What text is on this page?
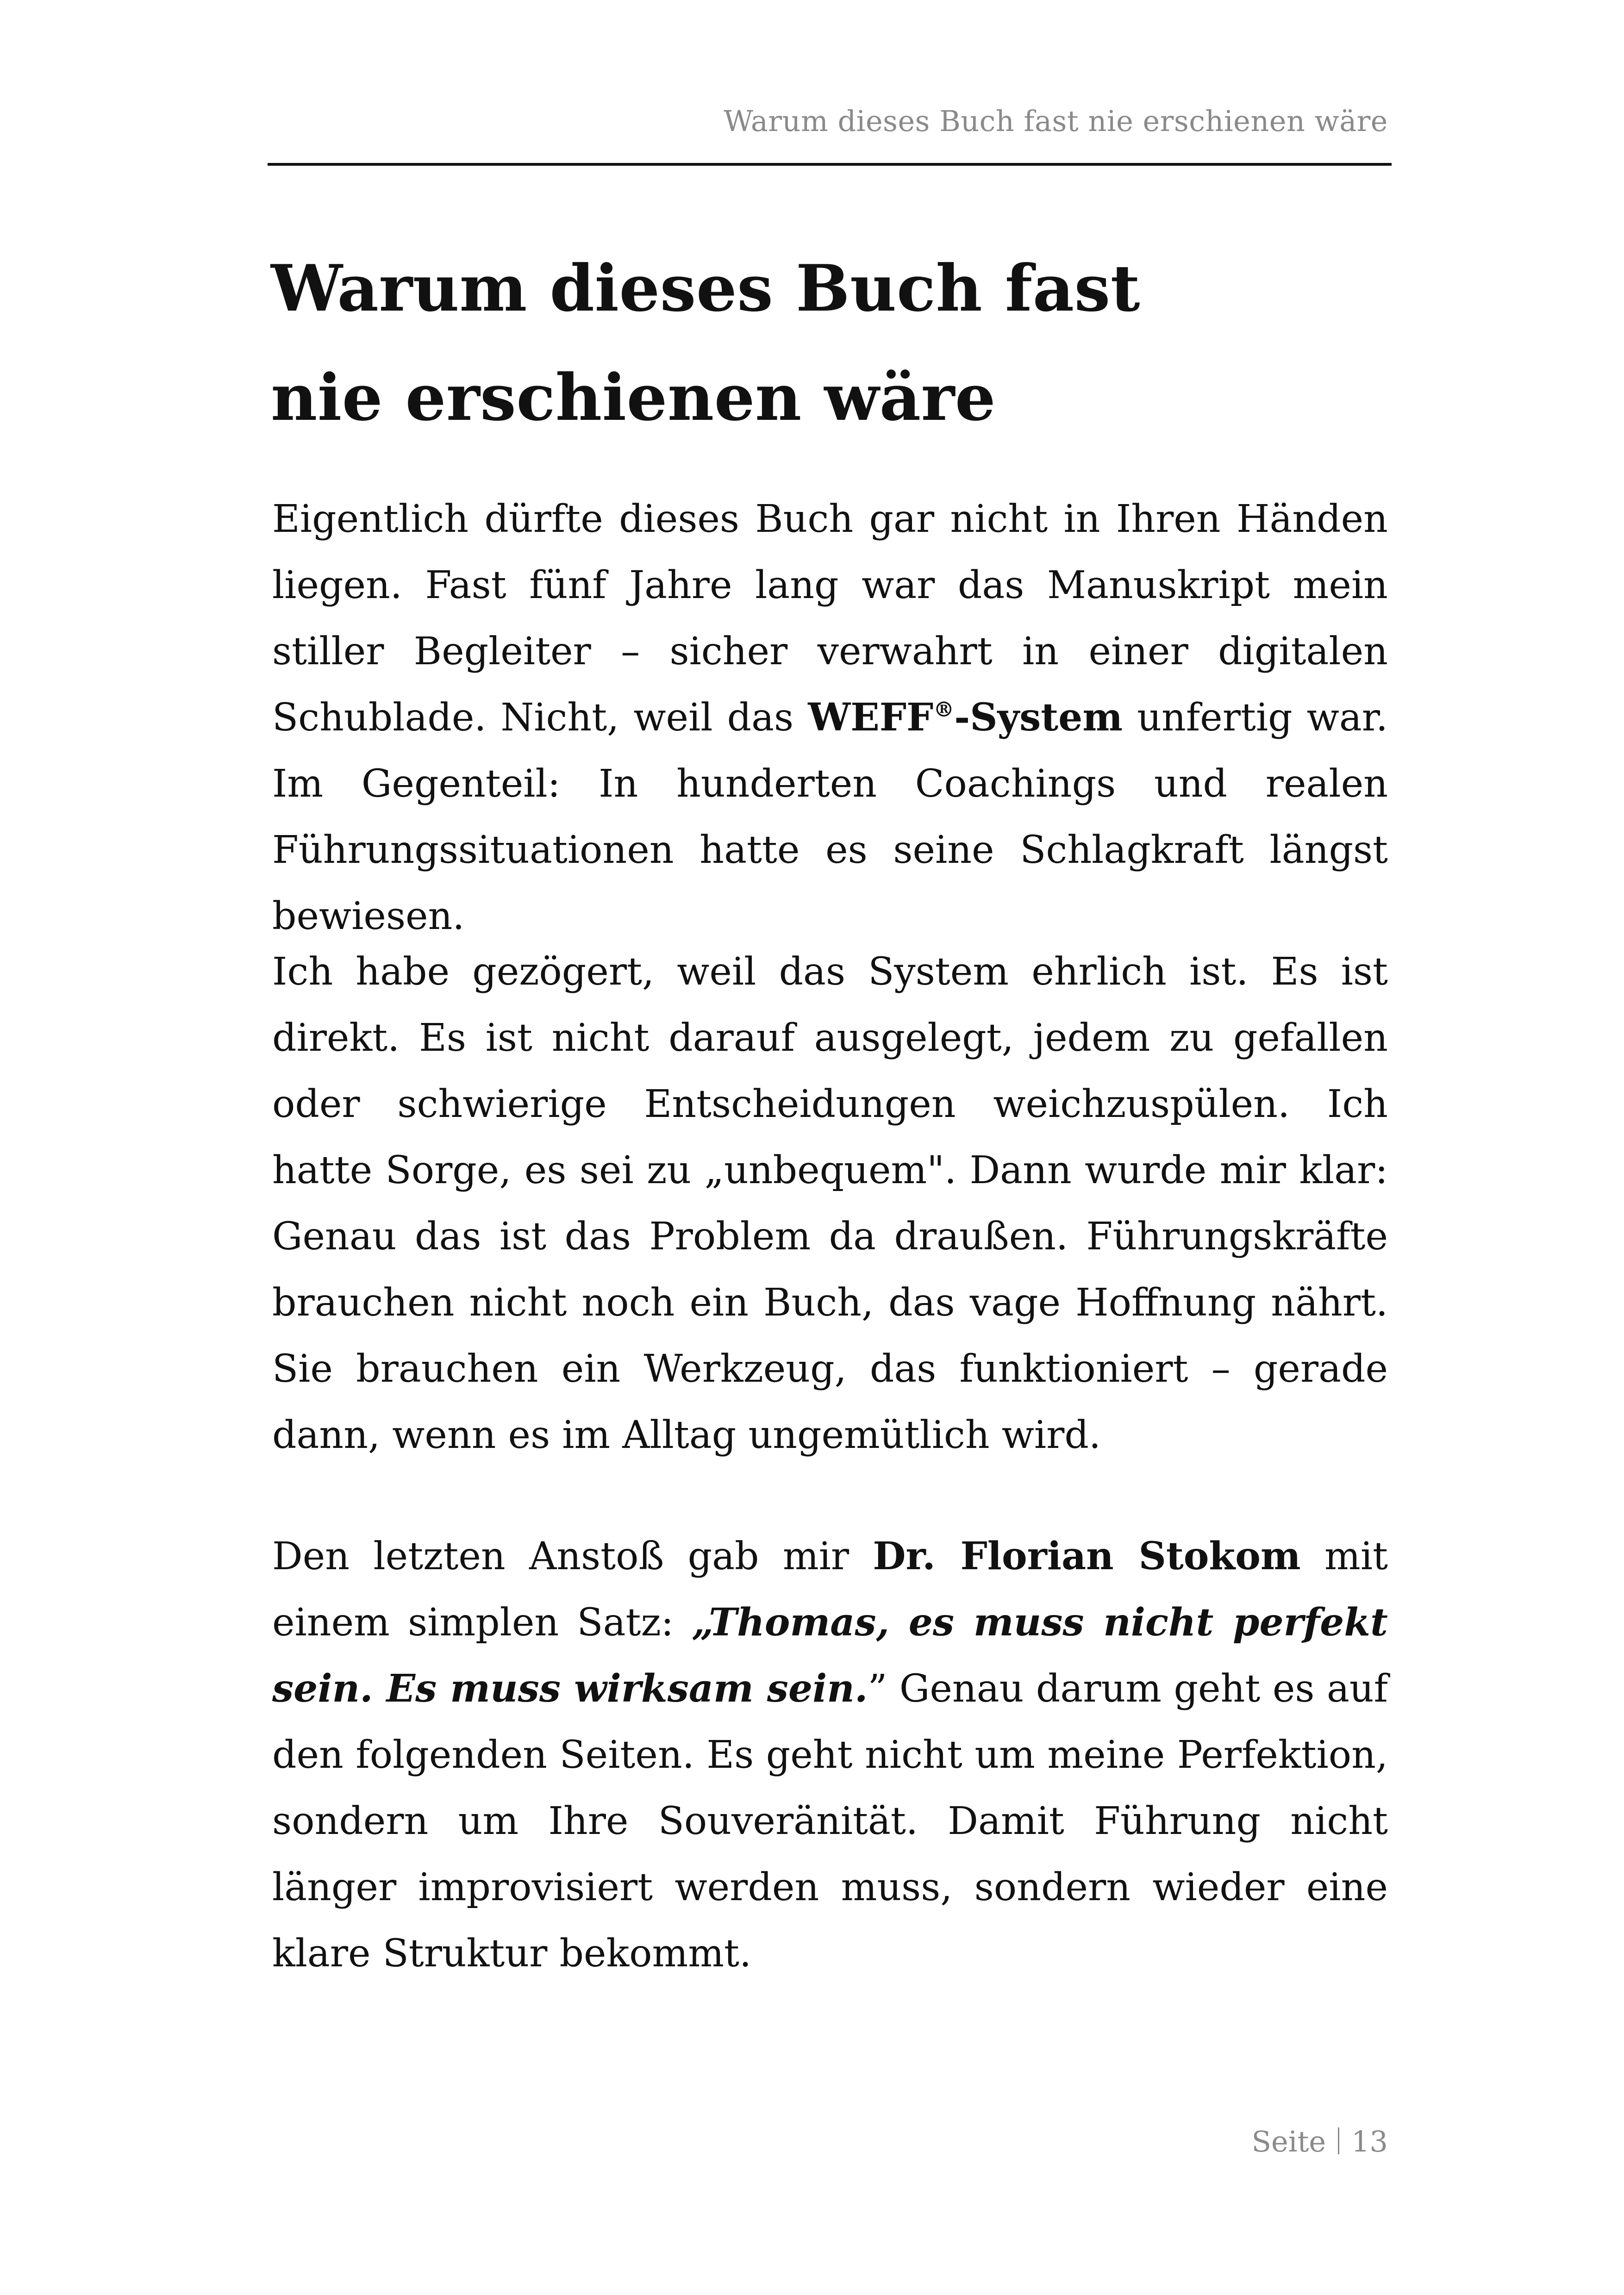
Warum dieses Buch fast nie erschienen wäre
Warum dieses Buch fast nie erschienen wäre

Eigentlich dürfte dieses Buch gar nicht in Ihren Händen liegen. Fast fünf Jahre lang war das Manuskript mein stiller Begleiter – sicher verwahrt in einer digitalen Schublade. Nicht, weil das WEFF®-System unfertig war. Im Gegenteil: In hunderten Coachings und realen Führungssituationen hatte es seine Schlagkraft längst bewiesen.

Ich habe gezögert, weil das System ehrlich ist. Es ist direkt. Es ist nicht darauf ausgelegt, jedem zu gefallen oder schwierige Entscheidungen weichzuspülen. Ich hatte Sorge, es sei zu „unbequem". Dann wurde mir klar: Genau das ist das Problem da draußen. Führungskräfte brauchen nicht noch ein Buch, das vage Hoffnung nährt. Sie brauchen ein Werkzeug, das funktioniert – gerade dann, wenn es im Alltag ungemütlich wird.

Den letzten Anstoß gab mir Dr. Florian Stokom mit einem simplen Satz: „Thomas, es muss nicht perfekt sein. Es muss wirksam sein.” Genau darum geht es auf den folgenden Seiten. Es geht nicht um meine Perfektion, sondern um Ihre Souveränität. Damit Führung nicht länger improvisiert werden muss, sondern wieder eine klare Struktur bekommt.

Seite 13
